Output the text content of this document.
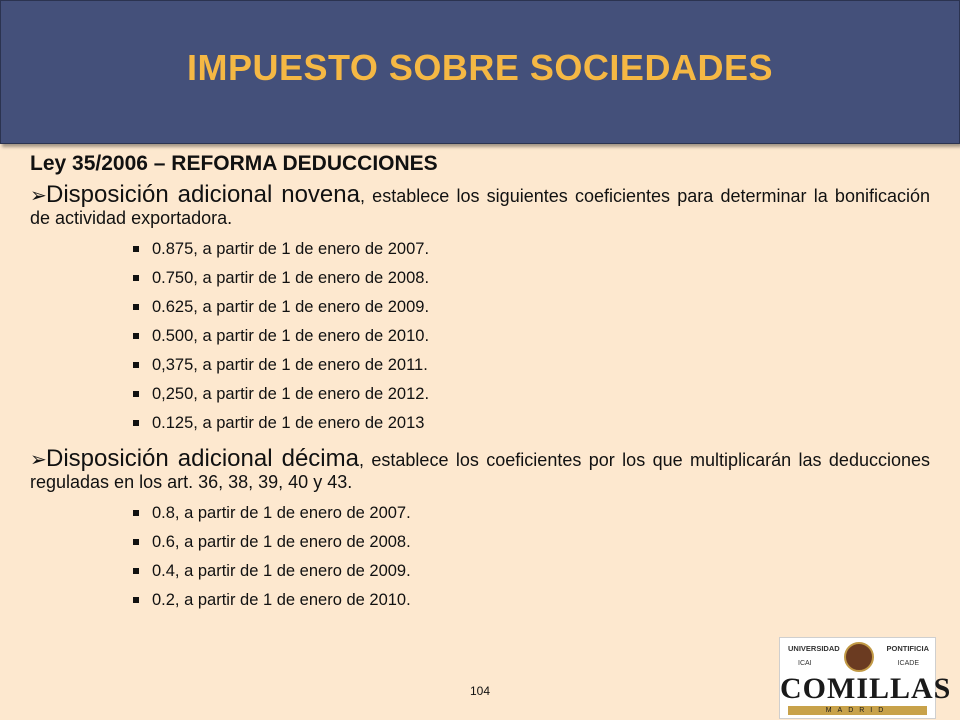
IMPUESTO SOBRE SOCIEDADES
Ley 35/2006 – REFORMA DEDUCCIONES

➢Disposición adicional novena, establece los siguientes coeficientes para determinar la bonificación de actividad exportadora.

0.875, a partir de 1 de enero de 2007.
0.750, a partir de 1 de enero de 2008.
0.625, a partir de 1 de enero de 2009.
0.500, a partir de 1 de enero de 2010.
0,375, a partir de 1 de enero de 2011.
0,250, a partir de 1 de enero de 2012.
0.125, a partir de 1 de enero de 2013

➢Disposición adicional décima, establece los coeficientes por los que multiplicarán las deducciones reguladas en los art. 36, 38, 39, 40 y 43.

0.8, a partir de 1 de enero de 2007.
0.6, a partir de 1 de enero de 2008.
0.4, a partir de 1 de enero de 2009.
0.2, a partir de 1 de enero de 2010.
104
UNIVERSIDAD	PONTIFICIA
ICAI	ICADE
COMILLAS
MADRID
